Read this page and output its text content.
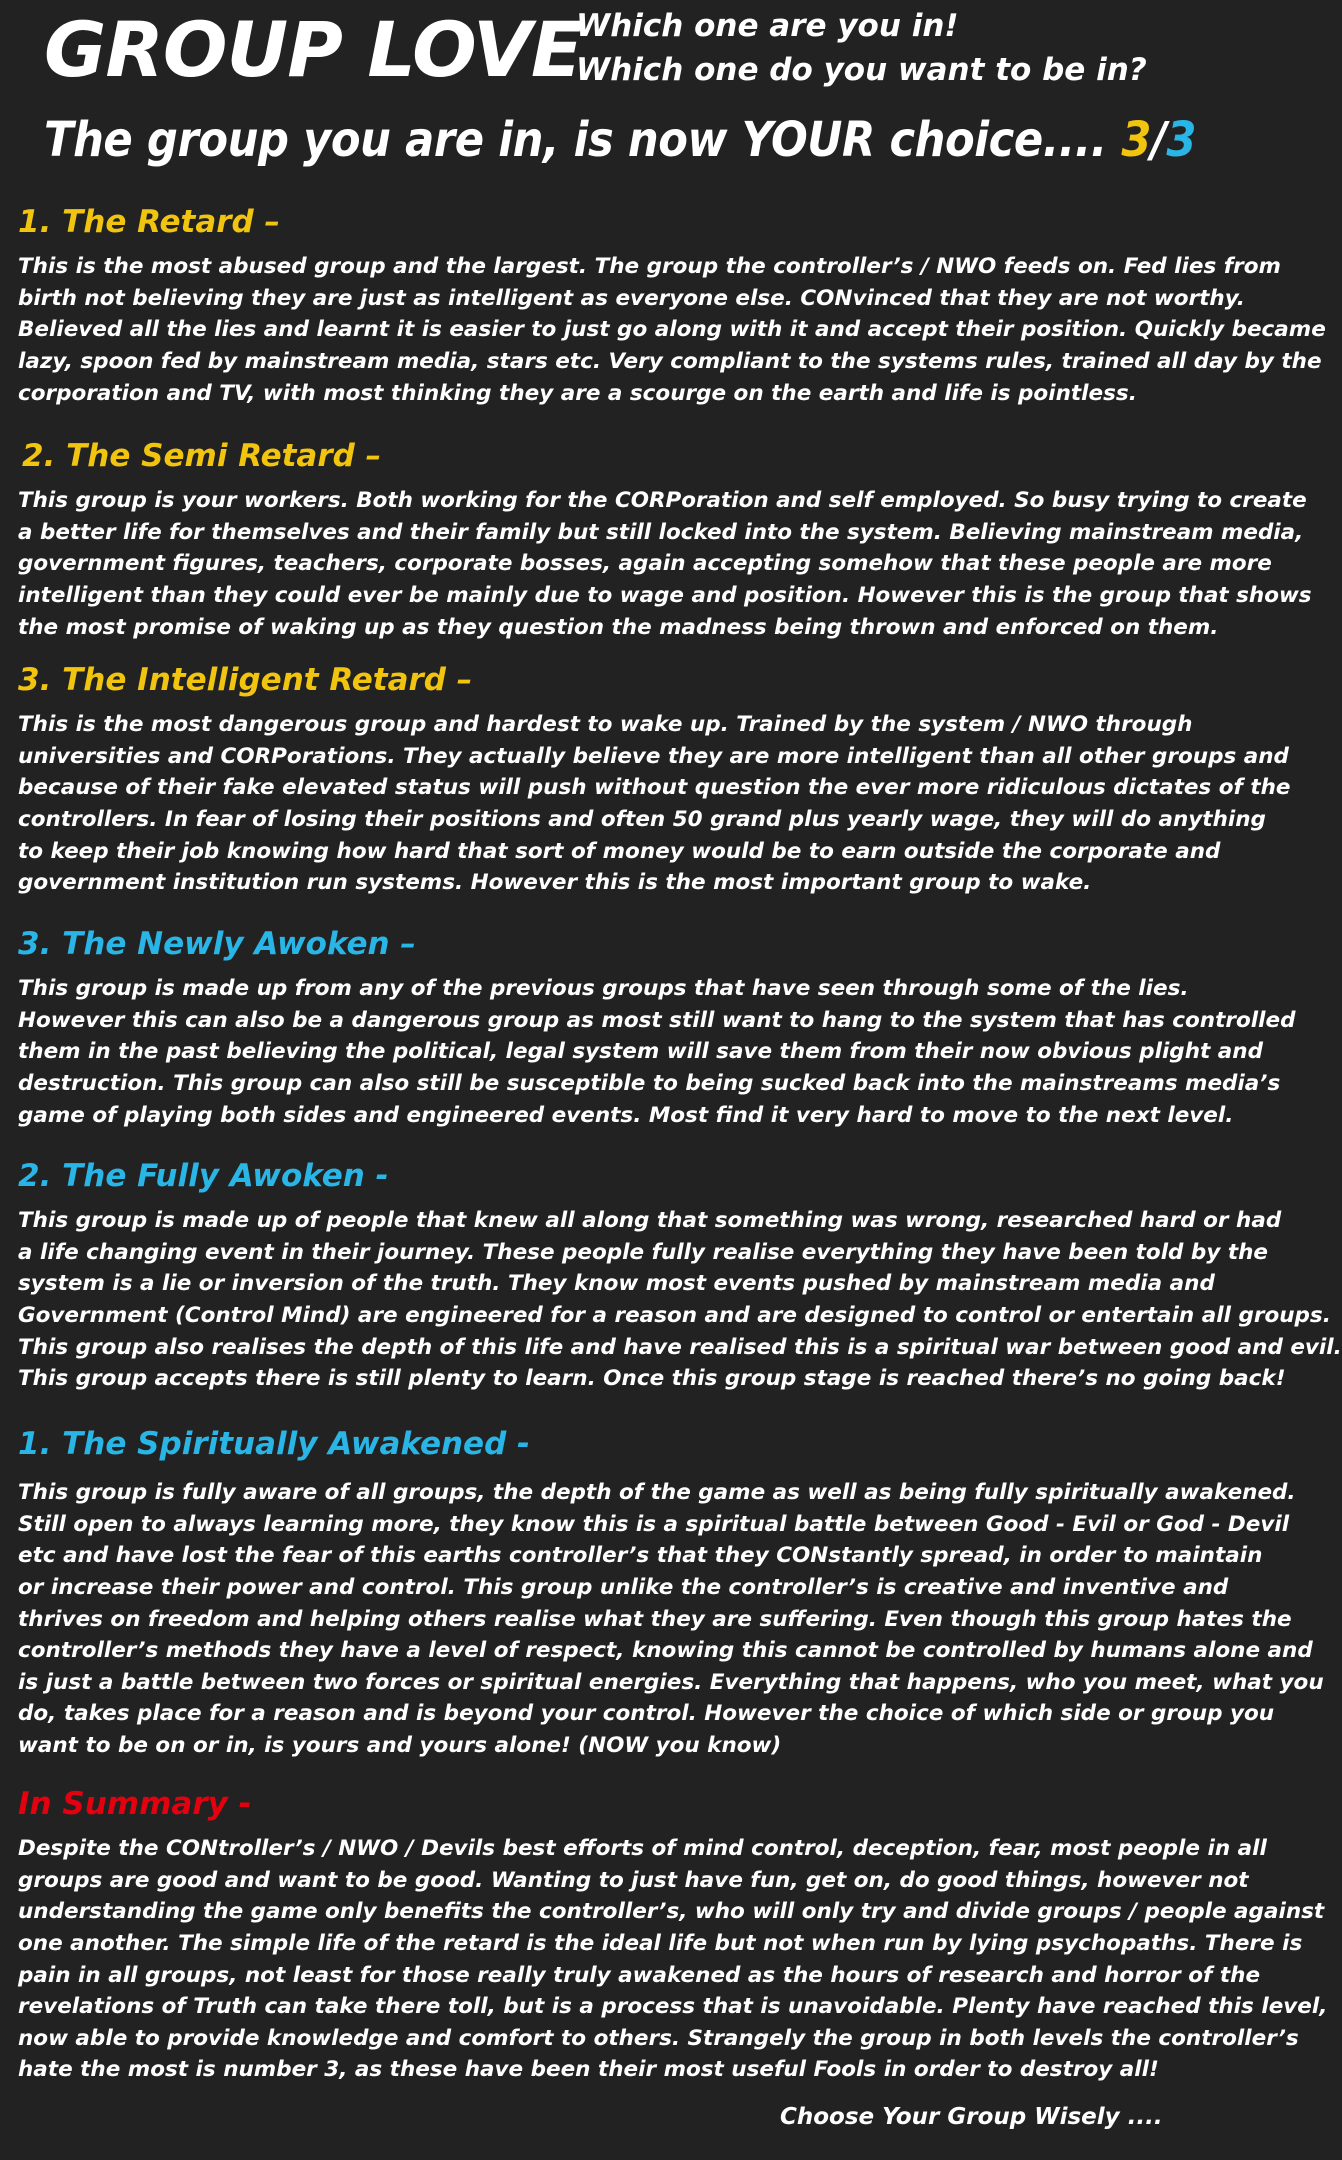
GROUP LOVE
Which one are you in!
Which one do you want to be in?
The group you are in, is now YOUR choice.... 3/3
1. The Retard –
This is the most abused group and the largest. The group the controller’s / NWO feeds on. Fed lies from
birth not believing they are just as intelligent as everyone else. CONvinced that they are not worthy.
Believed all the lies and learnt it is easier to just go along with it and accept their position. Quickly became
lazy, spoon fed by mainstream media, stars etc. Very compliant to the systems rules, trained all day by the
corporation and TV, with most thinking they are a scourge on the earth and life is pointless.
2. The Semi Retard –
This group is your workers. Both working for the CORPoration and self employed. So busy trying to create
a better life for themselves and their family but still locked into the system. Believing mainstream media,
government figures, teachers, corporate bosses, again accepting somehow that these people are more
intelligent than they could ever be mainly due to wage and position. However this is the group that shows
the most promise of waking up as they question the madness being thrown and enforced on them.
3. The Intelligent Retard –
This is the most dangerous group and hardest to wake up. Trained by the system / NWO through
universities and CORPorations. They actually believe they are more intelligent than all other groups and
because of their fake elevated status will push without question the ever more ridiculous dictates of the
controllers. In fear of losing their positions and often 50 grand plus yearly wage, they will do anything
to keep their job knowing how hard that sort of money would be to earn outside the corporate and
government institution run systems. However this is the most important group to wake.
3. The Newly Awoken –
This group is made up from any of the previous groups that have seen through some of the lies.
However this can also be a dangerous group as most still want to hang to the system that has controlled
them in the past believing the political, legal system will save them from their now obvious plight and
destruction. This group can also still be susceptible to being sucked back into the mainstreams media’s
game of playing both sides and engineered events. Most find it very hard to move to the next level.
2. The Fully Awoken -
This group is made up of people that knew all along that something was wrong, researched hard or had
a life changing event in their journey. These people fully realise everything they have been told by the
system is a lie or inversion of the truth. They know most events pushed by mainstream media and
Government (Control Mind) are engineered for a reason and are designed to control or entertain all groups.
This group also realises the depth of this life and have realised this is a spiritual war between good and evil.
This group accepts there is still plenty to learn. Once this group stage is reached there’s no going back!
1. The Spiritually Awakened -
This group is fully aware of all groups, the depth of the game as well as being fully spiritually awakened.
Still open to always learning more, they know this is a spiritual battle between Good - Evil or God - Devil
etc and have lost the fear of this earths controller’s that they CONstantly spread, in order to maintain
or increase their power and control. This group unlike the controller’s is creative and inventive and
thrives on freedom and helping others realise what they are suffering. Even though this group hates the
controller’s methods they have a level of respect, knowing this cannot be controlled by humans alone and
is just a battle between two forces or spiritual energies. Everything that happens, who you meet, what you
do, takes place for a reason and is beyond your control. However the choice of which side or group you
want to be on or in, is yours and yours alone! (NOW you know)
In Summary -
Despite the CONtroller’s / NWO / Devils best efforts of mind control, deception, fear, most people in all
groups are good and want to be good. Wanting to just have fun, get on, do good things, however not
understanding the game only benefits the controller’s, who will only try and divide groups / people against
one another. The simple life of the retard is the ideal life but not when run by lying psychopaths. There is
pain in all groups, not least for those really truly awakened as the hours of research and horror of the
revelations of Truth can take there toll, but is a process that is unavoidable. Plenty have reached this level,
now able to provide knowledge and comfort to others. Strangely the group in both levels the controller’s
hate the most is number 3, as these have been their most useful Fools in order to destroy all!
Choose Your Group Wisely ....
